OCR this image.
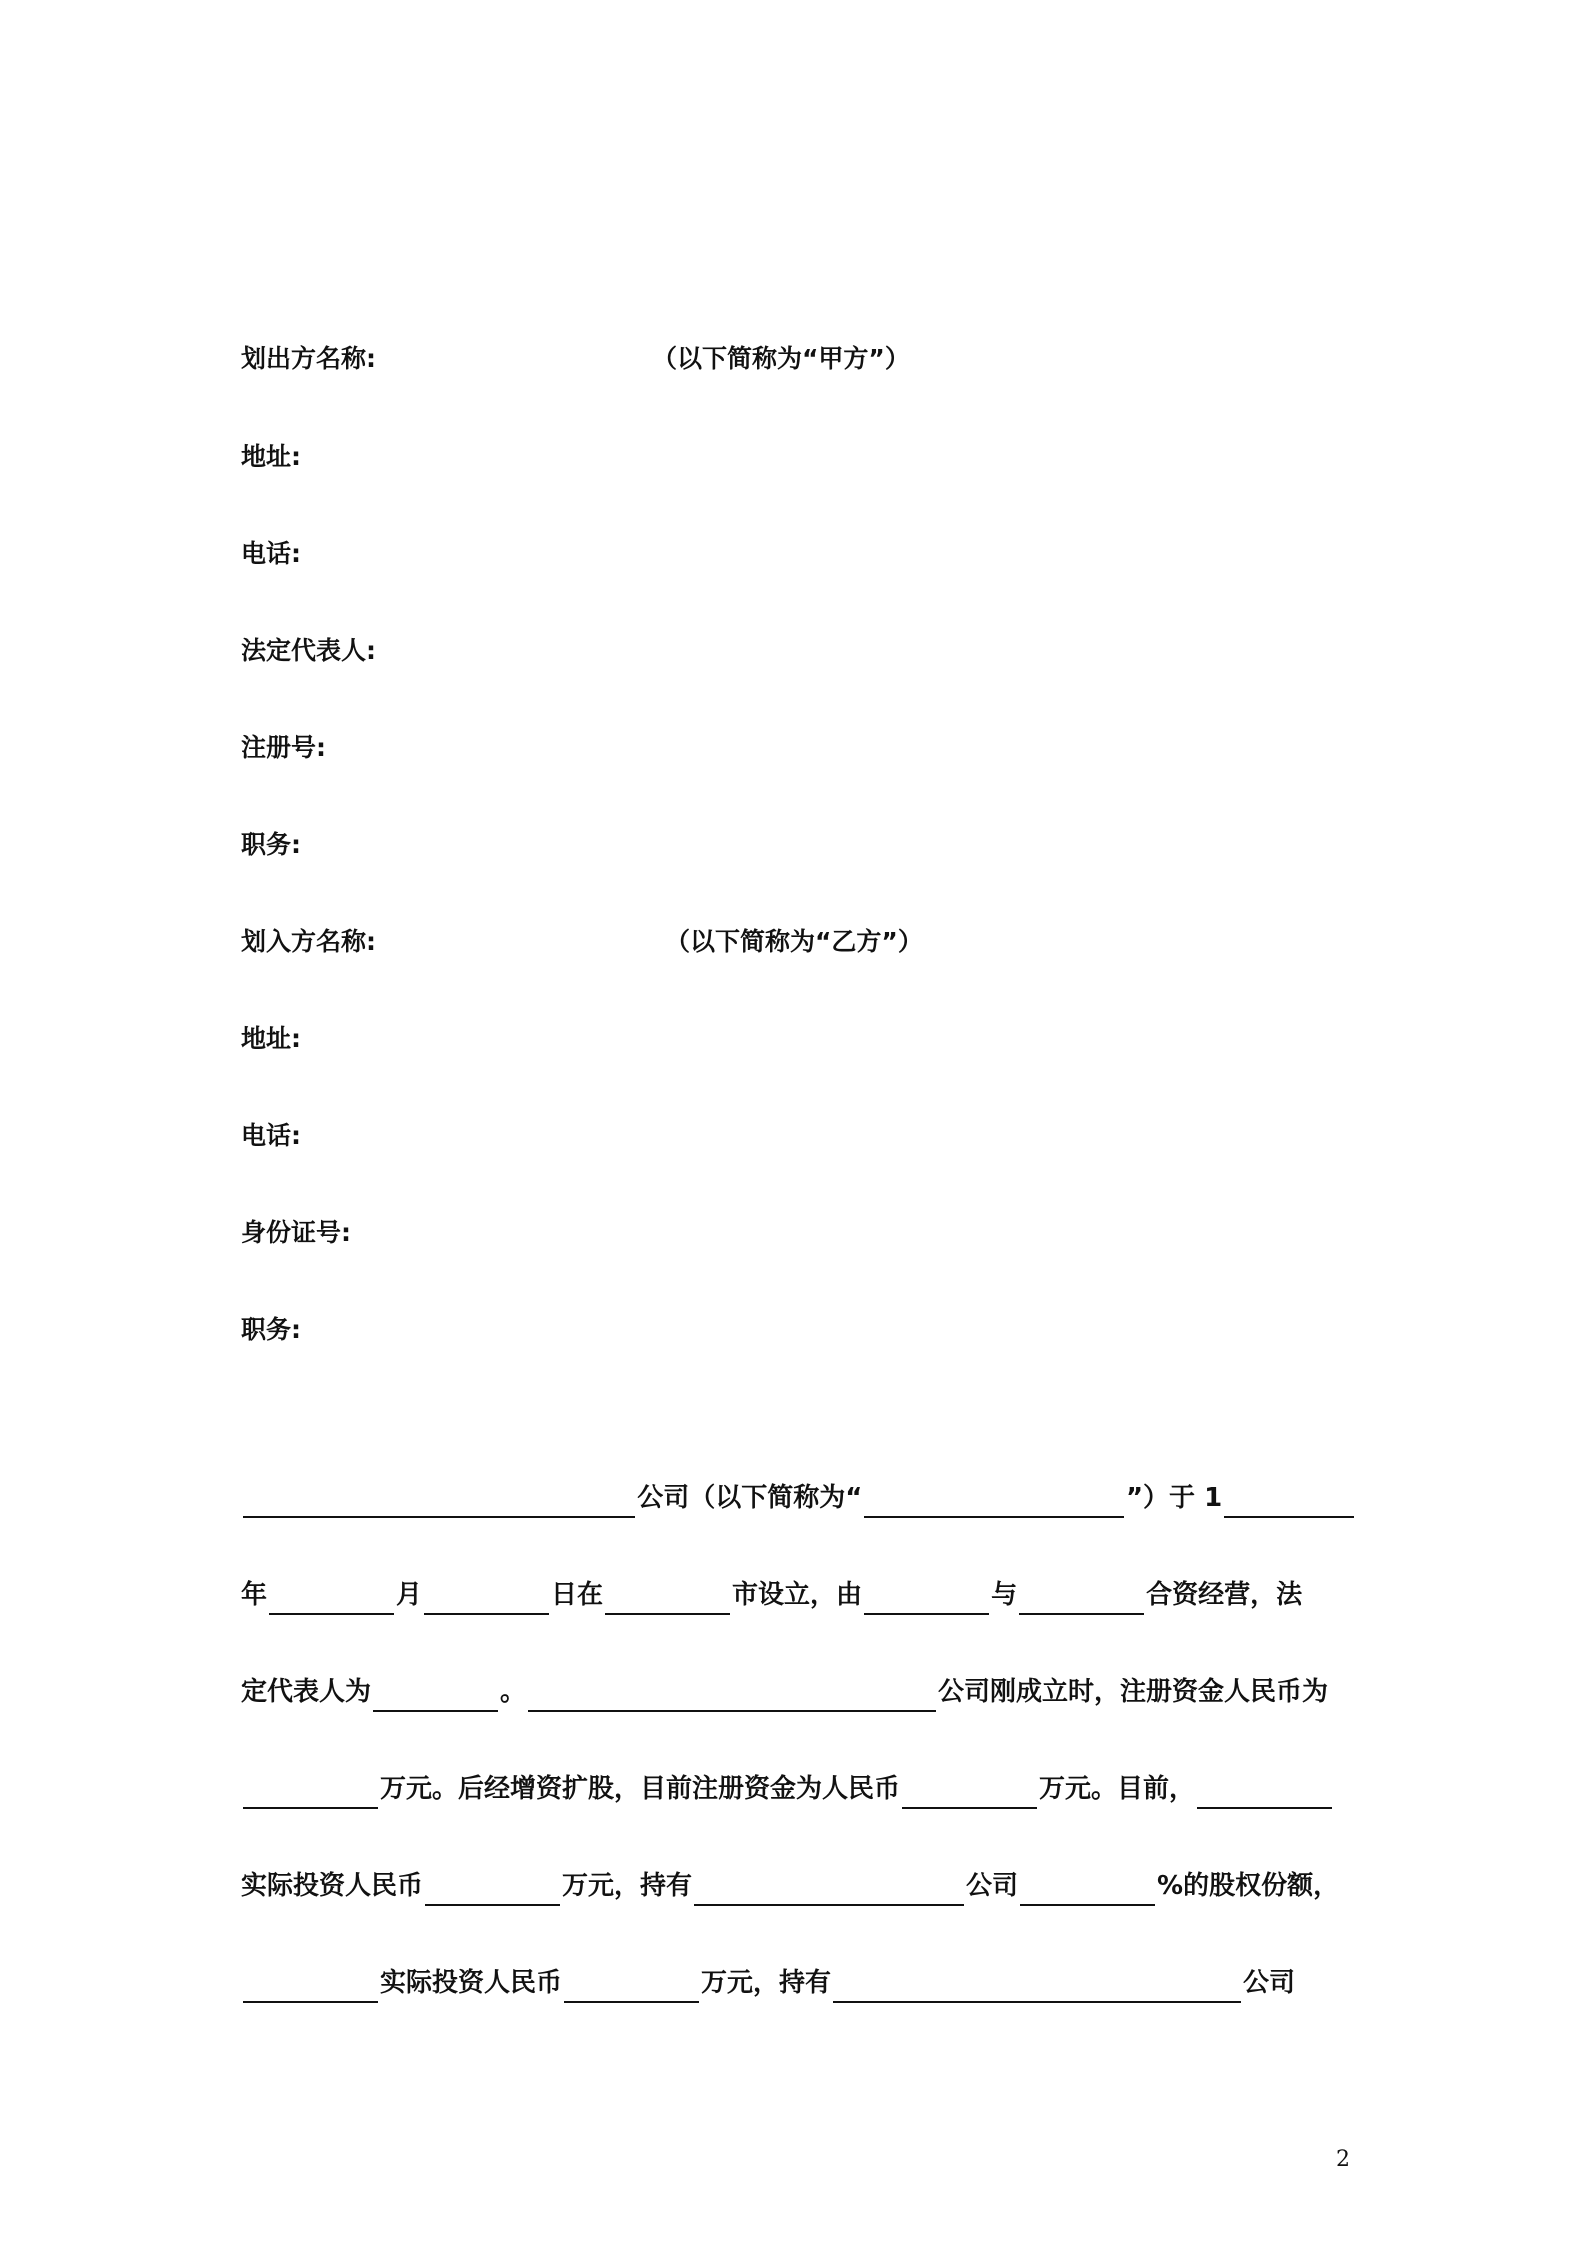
划出方名称:	（以下简称为“甲方”）
地址:
电话:
法定代表人:
注册号:
职务:
划入方名称:	（以下简称为“乙方”）
地址:
电话:
身份证号:
职务:
公司（以下简称为“	”）于 1
年	月	日在	市设立，由	与	合资经营，法
定代表人为	。	公司刚成立时，注册资金人民币为
万元。后经增资扩股，目前注册资金为人民币	万元。目前，
实际投资人民币	万元，持有	公司	%的股权份额，
实际投资人民币	万元，持有	公司
2
